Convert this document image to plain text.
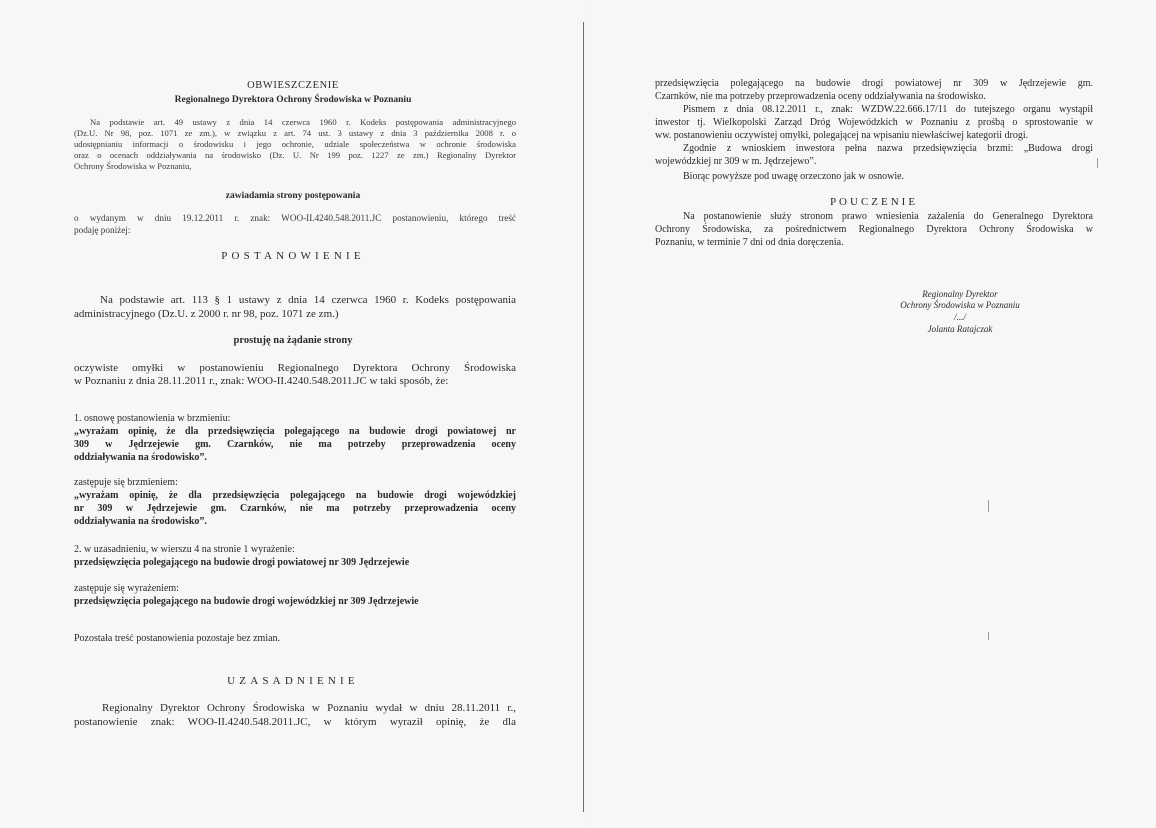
OBWIESZCZENIE
Regionalnego Dyrektora Ochrony Środowiska w Poznaniu
Na podstawie art. 49 ustawy z dnia 14 czerwca 1960 r. Kodeks postępowania administracyjnego
(Dz.U. Nr 98, poz. 1071 ze zm.), w związku z art. 74 ust. 3 ustawy z dnia 3 października 2008 r. o
udostępnianiu informacji o środowisku i jego ochronie, udziale społeczeństwa w ochronie środowiska
oraz o ocenach oddziaływania na środowisko (Dz. U. Nr 199 poz. 1227 ze zm.) Regionalny Dyrektor
Ochrony Środowiska w Poznaniu,
zawiadamia strony postępowania
o wydanym w dniu 19.12.2011 r. znak: WOO-II.4240.548.2011.JC postanowieniu, którego treść
podaję poniżej:
POSTANOWIENIE
Na podstawie art. 113 § 1 ustawy z dnia 14 czerwca 1960 r. Kodeks postępowania
administracyjnego (Dz.U. z 2000 r. nr 98, poz. 1071 ze zm.)
prostuję na żądanie strony
oczywiste omyłki w postanowieniu Regionalnego Dyrektora Ochrony Środowiska
w Poznaniu z dnia 28.11.2011 r., znak: WOO-II.4240.548.2011.JC w taki sposób, że:
1. osnowę postanowienia w brzmieniu:
„wyrażam opinię, że dla przedsięwzięcia polegającego na budowie drogi powiatowej nr
309 w Jędrzejewie gm. Czarnków, nie ma potrzeby przeprowadzenia oceny
oddziaływania na środowisko”.
zastępuje się brzmieniem:
„wyrażam opinię, że dla przedsięwzięcia polegającego na budowie drogi wojewódzkiej
nr 309 w Jędrzejewie gm. Czarnków, nie ma potrzeby przeprowadzenia oceny
oddziaływania na środowisko”.
2. w uzasadnieniu, w wierszu 4 na stronie 1 wyrażenie:
przedsięwzięcia polegającego na budowie drogi powiatowej nr 309 Jędrzejewie
zastępuje się wyrażeniem:
przedsięwzięcia polegającego na budowie drogi wojewódzkiej nr 309 Jędrzejewie
Pozostała treść postanowienia pozostaje bez zmian.
UZASADNIENIE
Regionalny Dyrektor Ochrony Środowiska w Poznaniu wydał w dniu 28.11.2011 r.,
postanowienie znak: WOO-II.4240.548.2011.JC, w którym wyraził opinię, że dla
przedsięwzięcia polegającego na budowie drogi powiatowej nr 309 w Jędrzejewie gm.
Czarnków, nie ma potrzeby przeprowadzenia oceny oddziaływania na środowisko.
Pismem z dnia 08.12.2011 r., znak: WZDW.22.666.17/11 do tutejszego organu wystąpił
inwestor tj. Wielkopolski Zarząd Dróg Wojewódzkich w Poznaniu z prośbą o sprostowanie w
ww. postanowieniu oczywistej omyłki, polegającej na wpisaniu niewłaściwej kategorii drogi.
Zgodnie z wnioskiem inwestora pełna nazwa przedsięwzięcia brzmi: „Budowa drogi
wojewódzkiej nr 309 w m. Jędrzejewo”.
Biorąc powyższe pod uwagę orzeczono jak w osnowie.
POUCZENIE
Na postanowienie służy stronom prawo wniesienia zażalenia do Generalnego Dyrektora
Ochrony Środowiska, za pośrednictwem Regionalnego Dyrektora Ochrony Środowiska w
Poznaniu, w terminie 7 dni od dnia doręczenia.
Regionalny Dyrektor
Ochrony Środowiska w Poznaniu
/.../
Jolanta Ratajczak
